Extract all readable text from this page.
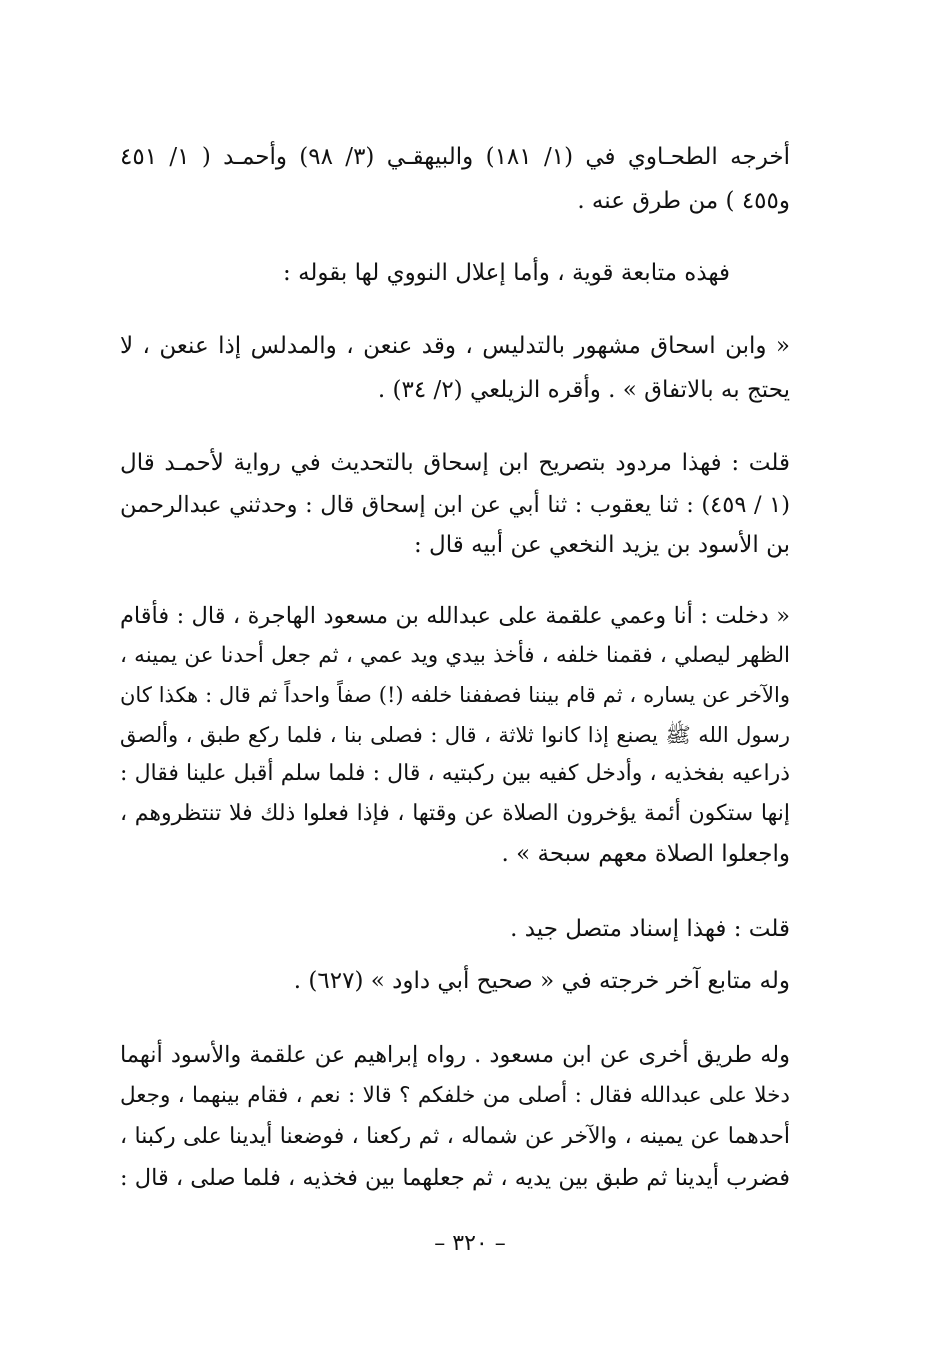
أخرجه الطحـاوي في (١/ ١٨١) والبيهقـي (٣/ ٩٨) وأحمـد ( ١/ ٤٥١
و٤٥٥ ) من طرق عنه .
فهذه متابعة قوية ، وأما إعلال النووي لها بقوله :
« وابن اسحاق مشهور بالتدليس ، وقد عنعن ، والمدلس إذا عنعن ، لا
يحتج به بالاتفاق » . وأقره الزيلعي (٢/ ٣٤) .
قلت : فهذا مردود بتصريح ابن إسحاق بالتحديث في رواية لأحمـد قال
(١ / ٤٥٩) : ثنا يعقوب : ثنا أبي عن ابن إسحاق قال : وحدثني عبدالرحمن
بن الأسود بن يزيد النخعي عن أبيه قال :
« دخلت : أنا وعمي علقمة على عبدالله بن مسعود الهاجرة ، قال : فأقام
الظهر ليصلي ، فقمنا خلفه ، فأخذ بيدي ويد عمي ، ثم جعل أحدنا عن يمينه ،
والآخر عن يساره ، ثم قام بيننا فصففنا خلفه (!) صفاً واحداً ثم قال : هكذا كان
رسول الله ﷺ يصنع إذا كانوا ثلاثة ، قال : فصلى بنا ، فلما ركع طبق ، وألصق
ذراعيه بفخذيه ، وأدخل كفيه بين ركبتيه ، قال : فلما سلم أقبل علينا فقال :
إنها ستكون أئمة يؤخرون الصلاة عن وقتها ، فإذا فعلوا ذلك فلا تنتظروهم ،
واجعلوا الصلاة معهم سبحة » .
قلت : فهذا إسناد متصل جيد .
وله متابع آخر خرجته في « صحيح أبي داود » (٦٢٧) .
وله طريق أخرى عن ابن مسعود . رواه إبراهيم عن علقمة والأسود أنهما
دخلا على عبدالله فقال : أصلى من خلفكم ؟ قالا : نعم ، فقام بينهما ، وجعل
أحدهما عن يمينه ، والآخر عن شماله ، ثم ركعنا ، فوضعنا أيدينا على ركبنا ،
فضرب أيدينا ثم طبق بين يديه ، ثم جعلهما بين فخذيه ، فلما صلى ، قال :
– ٣٢٠ –
